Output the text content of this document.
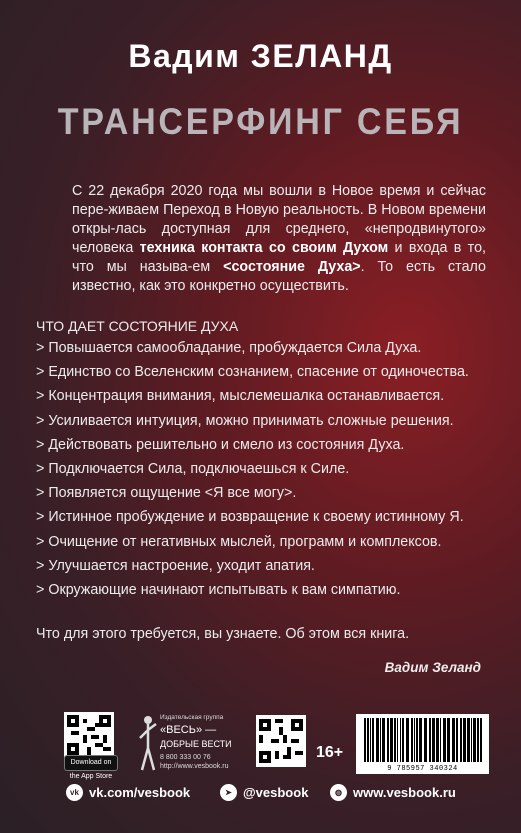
Вадим ЗЕЛАНД
ТРАНСЕРФИНГ СЕБЯ
С 22 декабря 2020 года мы вошли в Новое время и сейчас пере-живаем Переход в Новую реальность. В Новом времени откры-лась доступная для среднего, «непродвинутого» человека техника контакта со своим Духом и входа в то, что мы называ-ем <состояние Духа>. То есть стало известно, как это конкретно осуществить.
ЧТО ДАЕТ СОСТОЯНИЕ ДУХА
> Повышается самообладание, пробуждается Сила Духа.
> Единство со Вселенским сознанием, спасение от одиночества.
> Концентрация внимания, мыслемешалка останавливается.
> Усиливается интуиция, можно принимать сложные решения.
> Действовать решительно и смело из состояния Духа.
> Подключается Сила, подключаешься к Силе.
> Появляется ощущение <Я все могу>.
> Истинное пробуждение и возвращение к своему истинному Я.
> Очищение от негативных мыслей, программ и комплексов.
> Улучшается настроение, уходит апатия.
> Окружающие начинают испытывать к вам симпатию.
Что для этого требуется, вы узнаете. Об этом вся книга.
Вадим Зеланд
Download on the App Store
Издательская группа
«ВЕСЬ» —
ДОБРЫЕ ВЕСТИ
8 800 333 00 76
http://www.vesbook.ru
16+
9 785957 340324
vk vk.com/vesbook	➤ @vesbook	◍ www.vesbook.ru
